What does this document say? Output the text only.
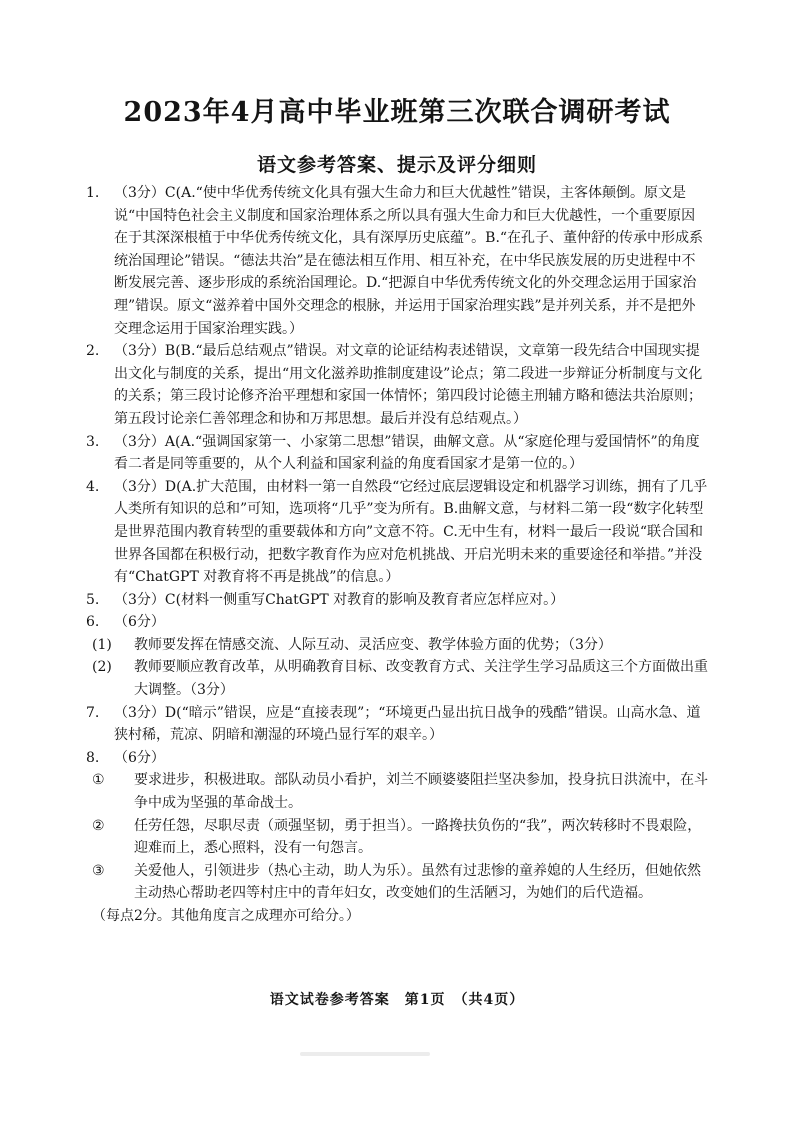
2023年4月高中毕业班第三次联合调研考试
语文参考答案、提示及评分细则

1. （3分）C(A.“使中华优秀传统文化具有强大生命力和巨大优越性”错误，主客体颠倒。原文是说“中国特色社会主义制度和国家治理体系之所以具有强大生命力和巨大优越性，一个重要原因在于其深深根植于中华优秀传统文化，具有深厚历史底蕴”。B.“在孔子、董仲舒的传承中形成系统治国理论”错误。“德法共治”是在德法相互作用、相互补充，在中华民族发展的历史进程中不断发展完善、逐步形成的系统治国理论。D.“把源自中华优秀传统文化的外交理念运用于国家治理”错误。原文“滋养着中国外交理念的根脉，并运用于国家治理实践”是并列关系，并不是把外交理念运用于国家治理实践。）

2. （3分）B(B.“最后总结观点”错误。对文章的论证结构表述错误，文章第一段先结合中国现实提出文化与制度的关系，提出“用文化滋养助推制度建设”论点；第二段进一步辩证分析制度与文化的关系；第三段讨论修齐治平理想和家国一体情怀；第四段讨论德主刑辅方略和德法共治原则；第五段讨论亲仁善邻理念和协和万邦思想。最后并没有总结观点。）

3. （3分）A(A.“强调国家第一、小家第二思想”错误，曲解文意。从“家庭伦理与爱国情怀”的角度看二者是同等重要的，从个人利益和国家利益的角度看国家才是第一位的。）

4. （3分）D(A.扩大范围，由材料一第一自然段“它经过底层逻辑设定和机器学习训练，拥有了几乎人类所有知识的总和”可知，选项将“几乎”变为所有。B.曲解文意，与材料二第一段“数字化转型是世界范围内教育转型的重要载体和方向”文意不符。C.无中生有，材料一最后一段说“联合国和世界各国都在积极行动，把数字教育作为应对危机挑战、开启光明未来的重要途径和举措。”并没有“ChatGPT 对教育将不再是挑战”的信息。）

5. （3分）C(材料一侧重写ChatGPT 对教育的影响及教育者应怎样应对。）

6. （6分）

(1) 教师要发挥在情感交流、人际互动、灵活应变、教学体验方面的优势；（3分）

(2) 教师要顺应教育改革，从明确教育目标、改变教育方式、关注学生学习品质这三个方面做出重大调整。（3分）

7. （3分）D(“暗示”错误，应是“直接表现”；“环境更凸显出抗日战争的残酷”错误。山高水急、道狭村稀，荒凉、阴暗和潮湿的环境凸显行军的艰辛。）

8. （6分）

① 要求进步，积极进取。部队动员小看护，刘兰不顾婆婆阻拦坚决参加，投身抗日洪流中，在斗争中成为坚强的革命战士。

② 任劳任怨，尽职尽责（顽强坚韧，勇于担当）。一路搀扶负伤的“我”，两次转移时不畏艰险，迎难而上，悉心照料，没有一句怨言。

③ 关爱他人，引领进步（热心主动，助人为乐）。虽然有过悲惨的童养媳的人生经历，但她依然主动热心帮助老四等村庄中的青年妇女，改变她们的生活陋习，为她们的后代造福。

（每点2分。其他角度言之成理亦可给分。）

语文试卷参考答案　第1页　（共4页）
